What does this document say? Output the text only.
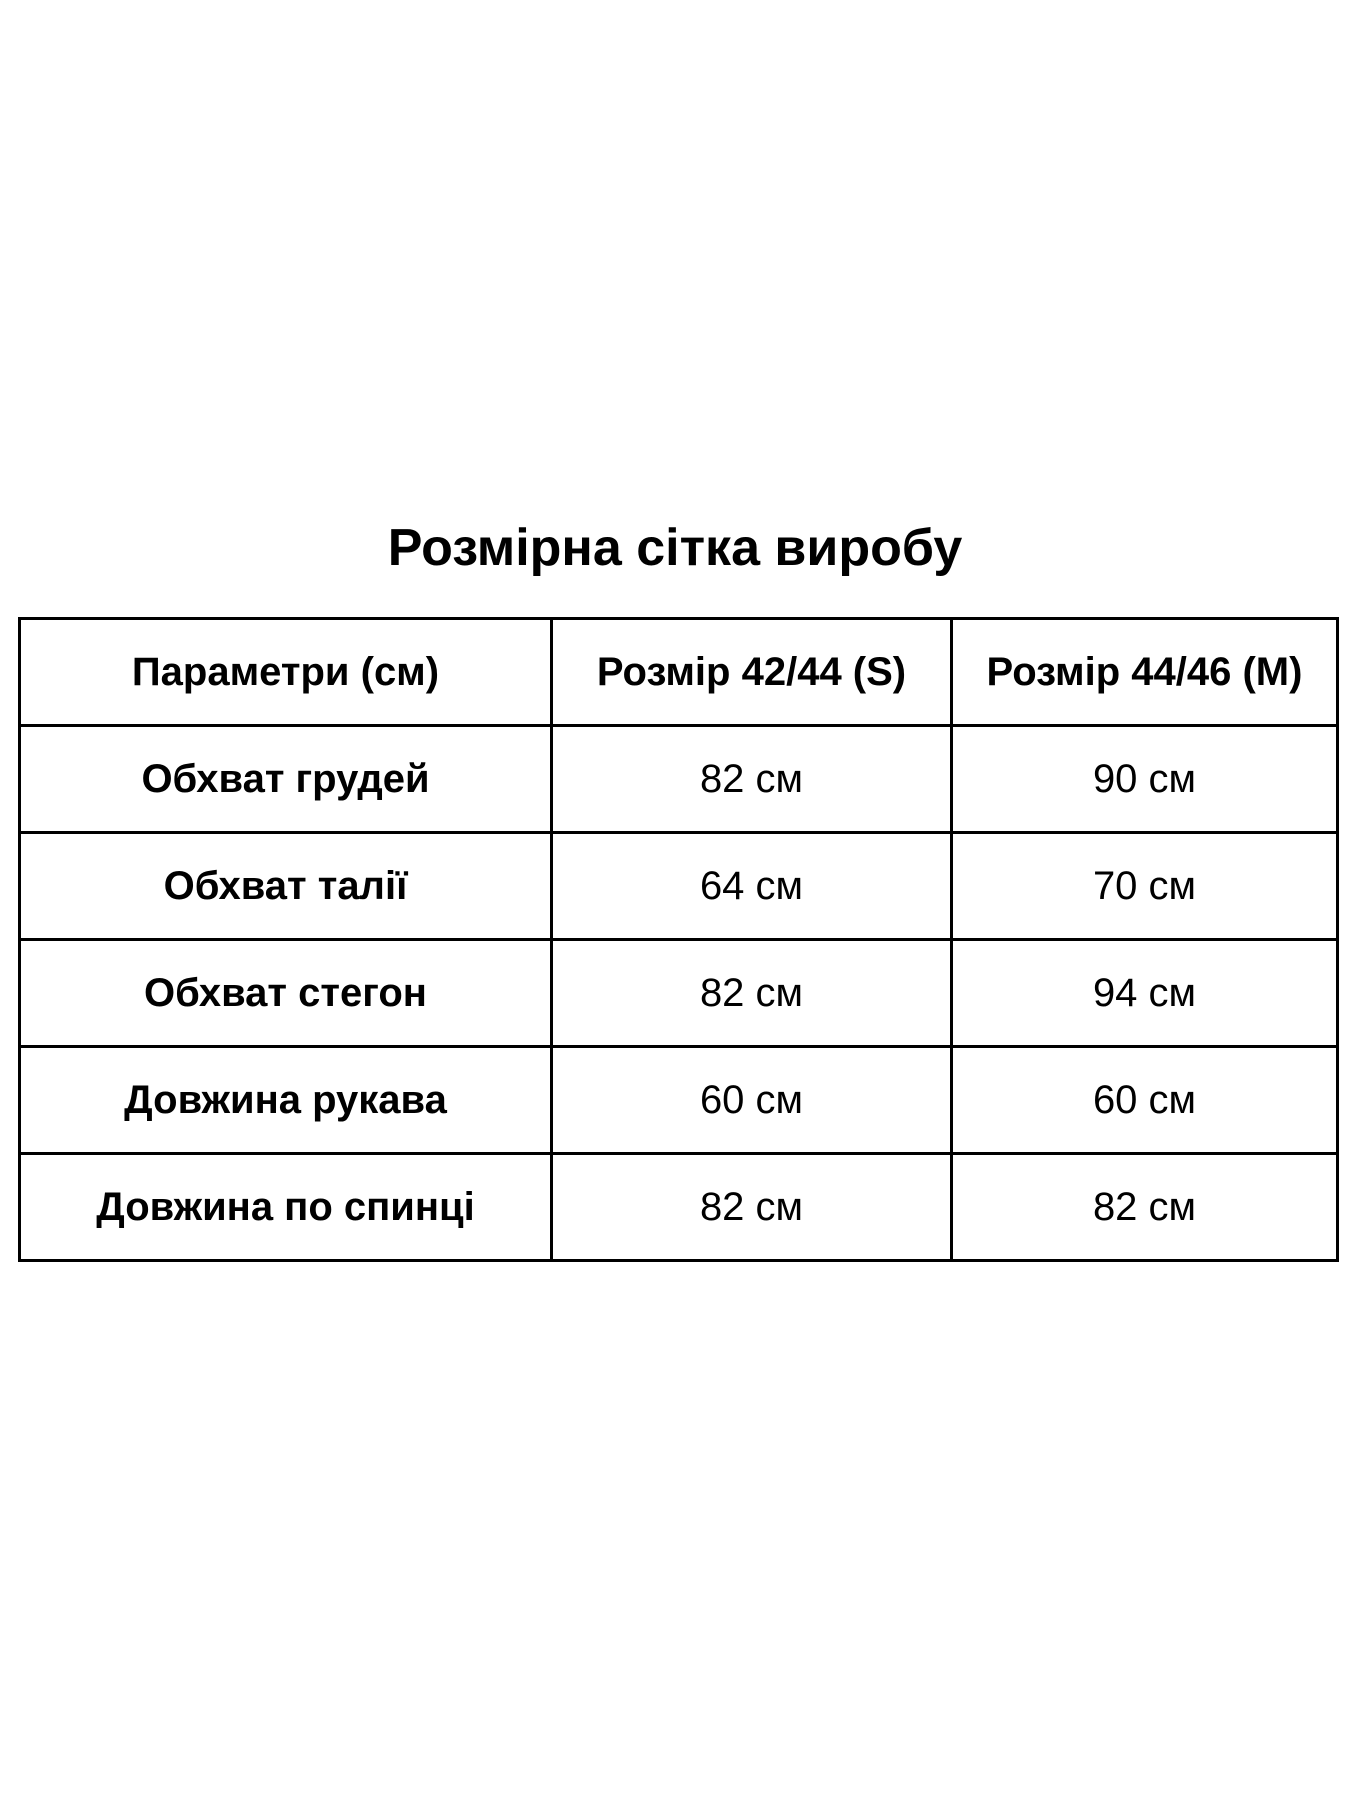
Розмірна сітка виробу
Параметри (см)	Розмір 42/44 (S)	Розмір 44/46 (M)
Обхват грудей	82 см	90 см
Обхват талії	64 см	70 см
Обхват стегон	82 см	94 см
Довжина рукава	60 см	60 см
Довжина по спинці	82 см	82 см
